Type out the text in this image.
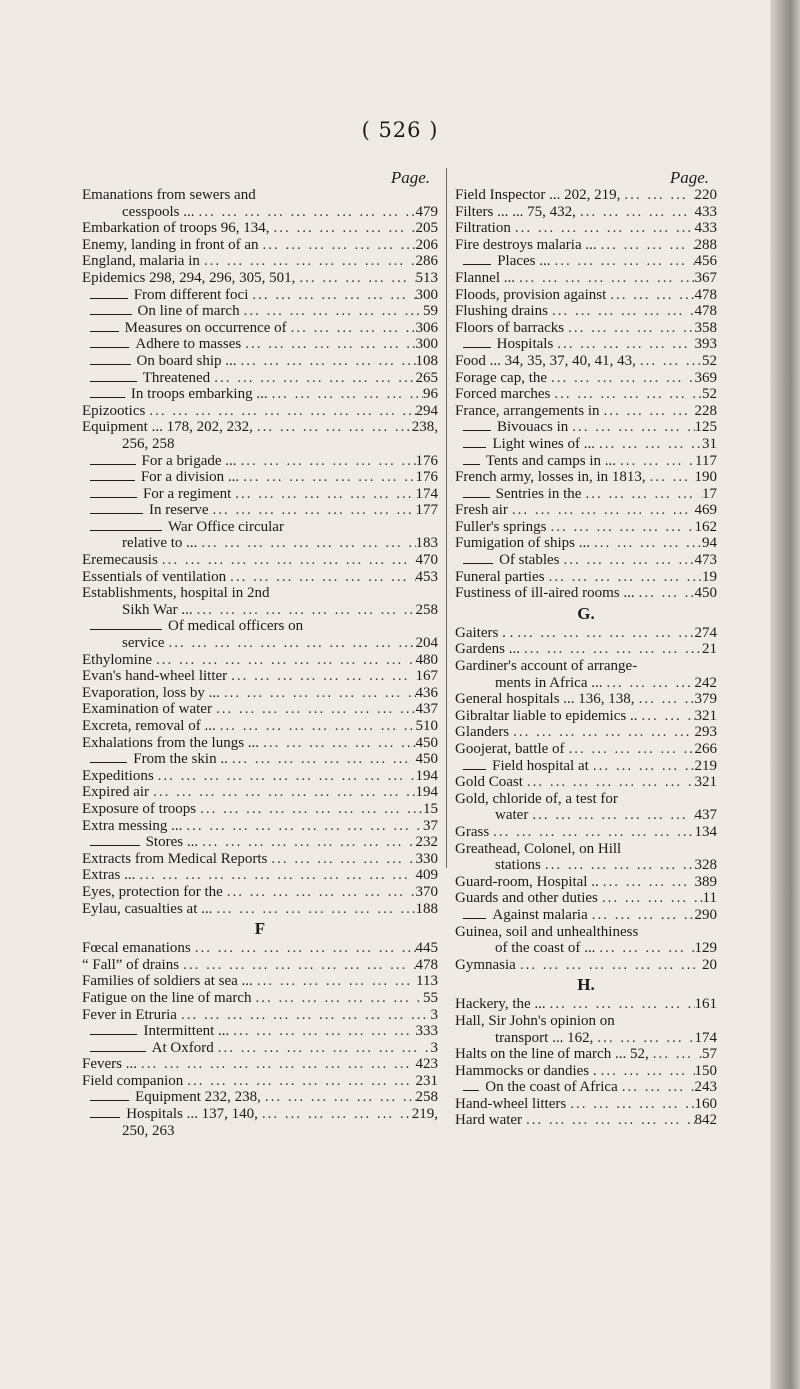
( 526 )
Page.
Emanations from sewers and
cesspools ... ... .	479
Embarkation of troops 96, 134, ... .	205
Enemy, landing in front of an ... .	206
England, malaria in ... .	286
Epidemics 298, 294, 296, 305, 501, ... .	513
From different foci ... .	300
On line of march ... .	59
Measures on occurrence of ... .	306
Adhere to masses ... .	300
On board ship ... ... .	108
Threatened ... .	265
In troops embarking ... ... .	96
Epizootics ... .	294
Equipment ... 178, 202, 232, ... .	238,
256, 258
For a brigade ... ... .	176
For a division ... ... .	176
For a regiment ... .	174
In reserve ... .	177
War Office circular
relative to ... ... .	183
Eremecausis ... .	470
Essentials of ventilation ... .	453
Establishments, hospital in 2nd
Sikh War ... ... .	258
Of medical officers on
service ... .	204
Ethylomine ... .	480
Evan's hand-wheel litter ... .	167
Evaporation, loss by ... ... .	436
Examination of water ... .	437
Excreta, removal of ... ... .	510
Exhalations from the lungs ... ... .	450
From the skin .. ... .	450
Expeditions ... .	194
Expired air ... .	194
Exposure of troops ... .	15
Extra messing ... ... .	37
Stores ... ... .	232
Extracts from Medical Reports ... .	330
Extras ... ... .	409
Eyes, protection for the ... .	370
Eylau, casualties at ... ... .	188
F
Fœcal emanations ... .	445
“ Fall” of drains ... .	478
Families of soldiers at sea ... ... .	113
Fatigue on the line of march ... .	55
Fever in Etruria ... .	3
Intermittent ... ... .	333
At Oxford ... .	3
Fevers ... ... .	423
Field companion ... .	231
Equipment 232, 238, ... .	258
Hospitals ... 137, 140, ... .	219,
250, 263
Page.
Field Inspector ... 202, 219, ... .	220
Filters ... ... 75, 432, ... .	433
Filtration ... .	433
Fire destroys malaria ... ... .	288
Places ... ... .	456
Flannel ... ... .	367
Floods, provision against ... .	478
Flushing drains ... .	478
Floors of barracks ... .	358
Hospitals ... .	393
Food ... 34, 35, 37, 40, 41, 43, ... .	52
Forage cap, the ... .	369
Forced marches ... .	52
France, arrangements in ... .	228
Bivouacs in ... .	125
Light wines of ... ... .	31
Tents and camps in ... ... .	117
French army, losses in, in 1813, ... .	190
Sentries in the ... .	17
Fresh air ... .	469
Fuller's springs ... .	162
Fumigation of ships ... ... .	94
Of stables ... .	473
Funeral parties ... .	19
Fustiness of ill-aired rooms ... ... .	450
G.
Gaiters . . ... .	274
Gardens ... ... .	21
Gardiner's account of arrange-
ments in Africa ... ... .	242
General hospitals ... 136, 138, ... .	379
Gibraltar liable to epidemics .. ... .	321
Glanders ... .	293
Goojerat, battle of ... .	266
Field hospital at ... .	219
Gold Coast ... .	321
Gold, chloride of, a test for
water ... .	437
Grass ... .	134
Greathead, Colonel, on Hill
stations ... .	328
Guard-room, Hospital .. ... .	389
Guards and other duties ... .	11
Against malaria ... .	290
Guinea, soil and unhealthiness
of the coast of ... ... .	129
Gymnasia ... .	20
H.
Hackery, the ... ... .	161
Hall, Sir John's opinion on
transport ... 162, ... .	174
Halts on the line of march ... 52, ... .	57
Hammocks or dandies . ... .	150
On the coast of Africa ... .	243
Hand-wheel litters ... .	160
Hard water ... .	842
